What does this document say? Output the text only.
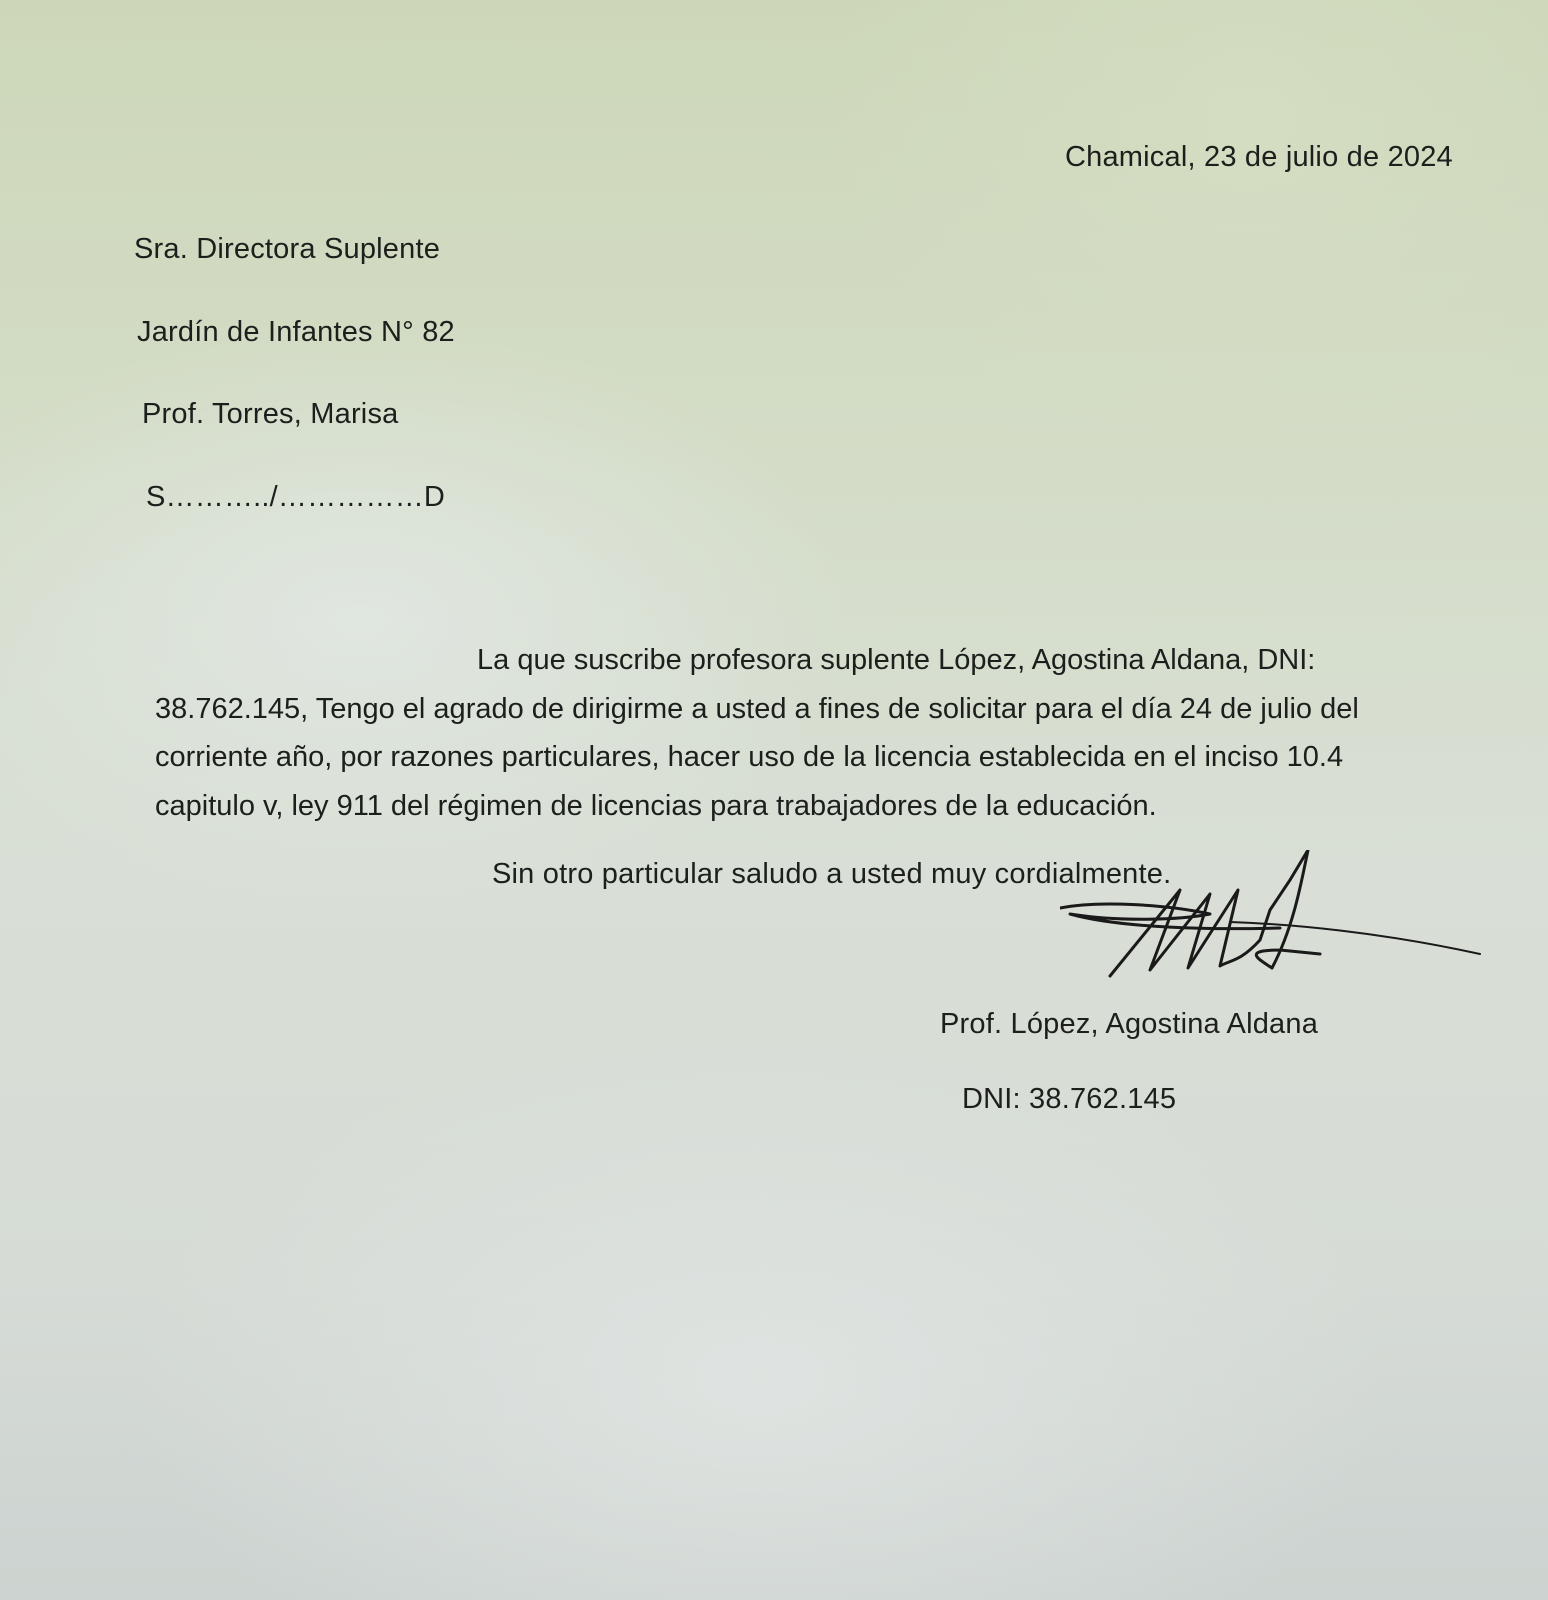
Chamical, 23 de julio de 2024
Sra. Directora Suplente
Jardín de Infantes N° 82
Prof. Torres, Marisa
S………../……………D

La que suscribe profesora suplente López, Agostina Aldana, DNI:

38.762.145, Tengo el agrado de dirigirme a usted a fines de solicitar para el día 24 de julio del

corriente año, por razones particulares, hacer uso de la licencia establecida en el inciso 10.4

capitulo v, ley 911 del régimen de licencias para trabajadores de la educación.

Sin otro particular saludo a usted muy cordialmente.
Prof. López, Agostina Aldana
DNI: 38.762.145
